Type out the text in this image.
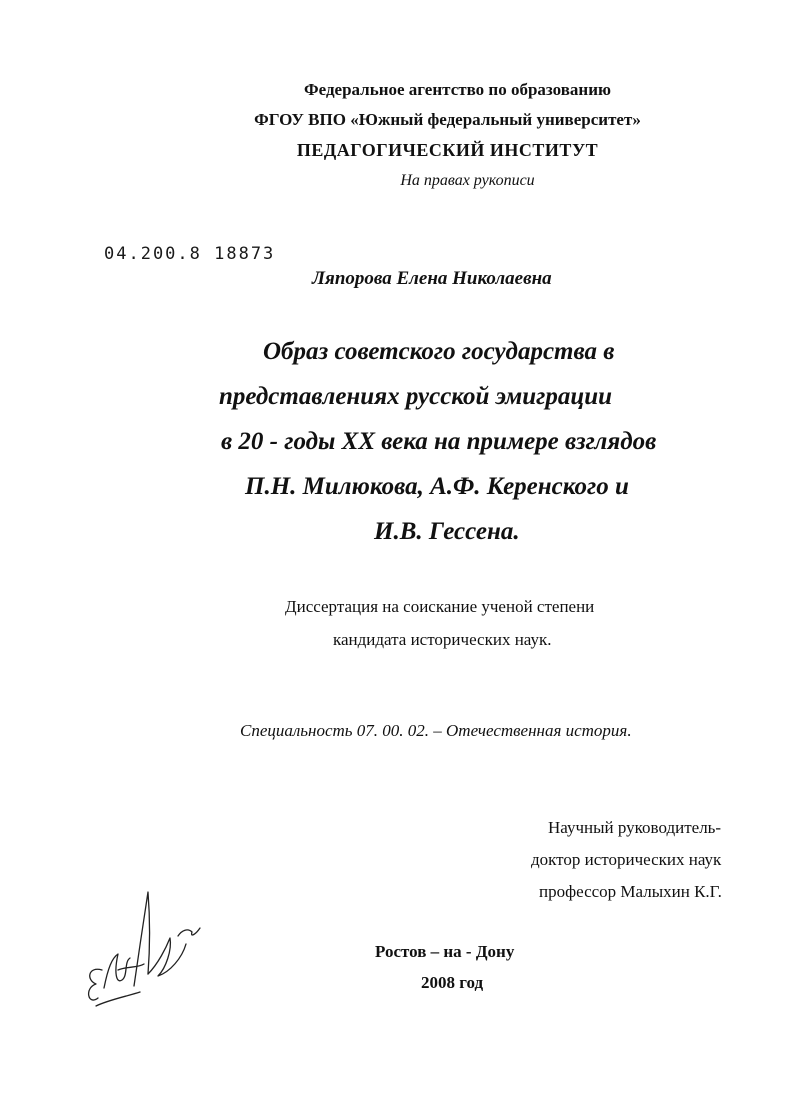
Федеральное агентство по образованию
ФГОУ ВПО «Южный федеральный университет»
ПЕДАГОГИЧЕСКИЙ ИНСТИТУТ
На правах рукописи
04.200.8 18873
Ляпорова Елена Николаевна
Образ советского государства в
представлениях русской эмиграции
в 20 - годы XX века на примере взглядов
П.Н. Милюкова, А.Ф. Керенского и
И.В. Гессена.
Диссертация на соискание ученой степени
кандидата исторических наук.
Специальность 07. 00. 02. – Отечественная история.
Научный руководитель-
доктор исторических наук
профессор Малыхин К.Г.
Ростов – на - Дону
2008 год
